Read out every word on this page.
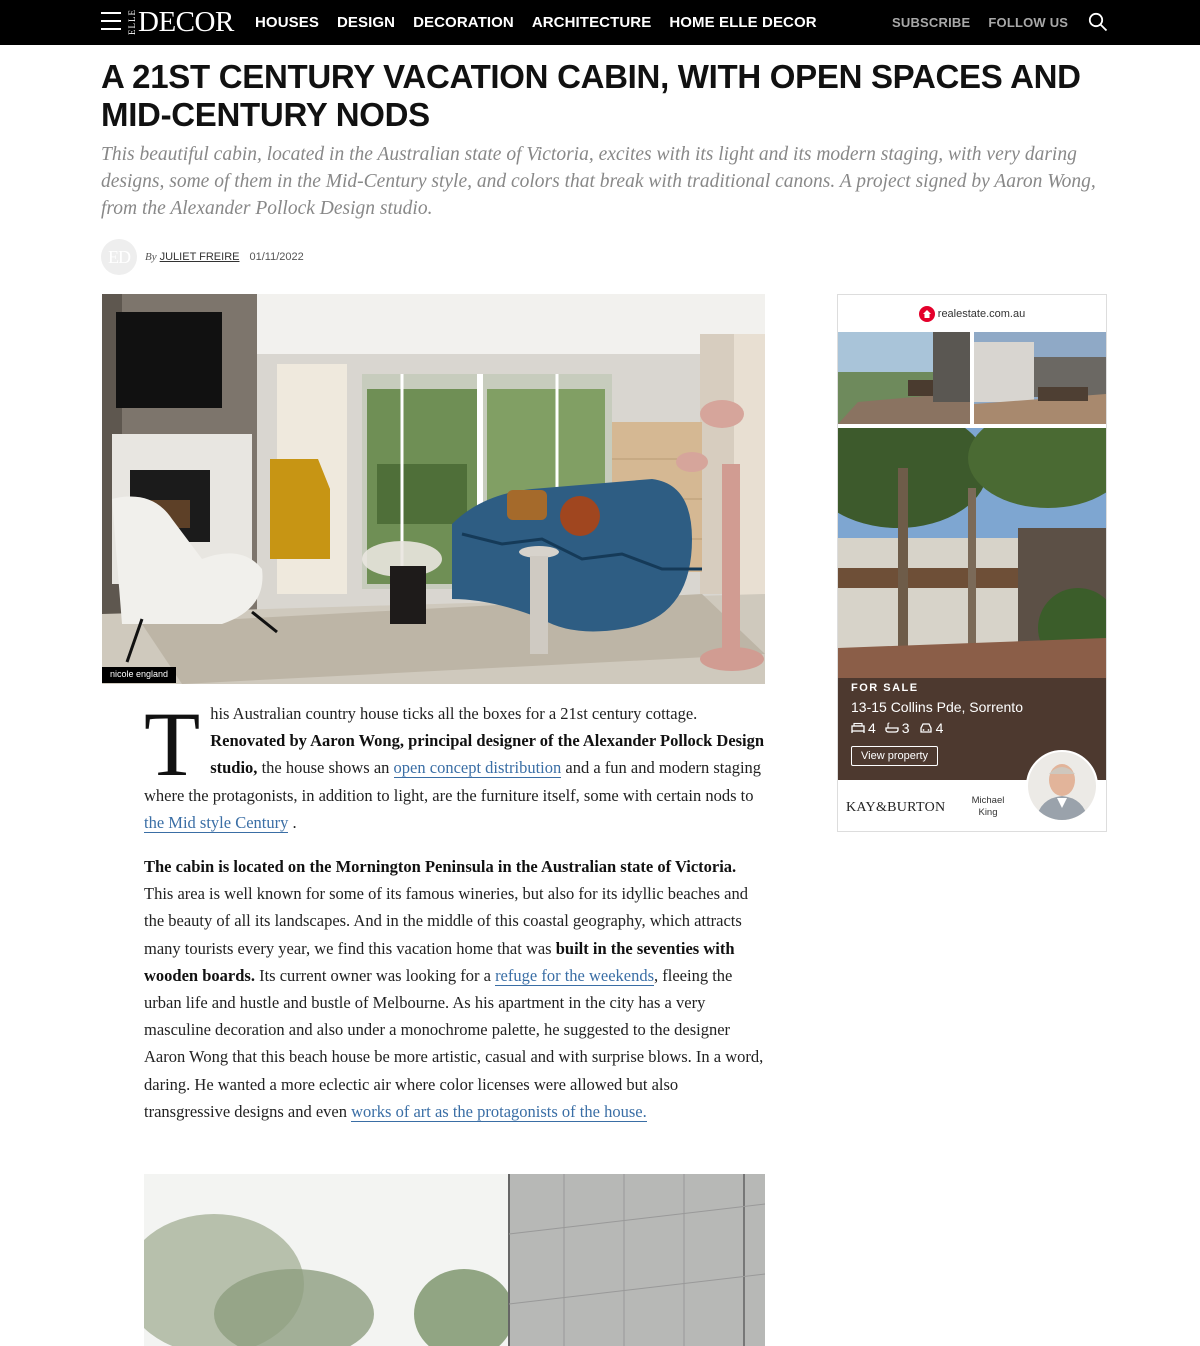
ELLE DECOR HOUSES DESIGN DECORATION ARCHITECTURE HOME ELLE DECOR	SUBSCRIBE FOLLOW US
A 21ST CENTURY VACATION CABIN, WITH OPEN SPACES AND MID-CENTURY NODS

This beautiful cabin, located in the Australian state of Victoria, excites with its light and its modern staging, with very daring designs, some of them in the Mid-Century style, and colors that break with traditional canons. A project signed by Aaron Wong, from the Alexander Pollock Design studio.

ED	By JULIET FREIRE 01/11/2022
nicole england

This Australian country house ticks all the boxes for a 21st century cottage. Renovated by Aaron Wong, principal designer of the Alexander Pollock Design studio, the house shows an open concept distribution and a fun and modern staging where the protagonists, in addition to light, are the furniture itself, some with certain nods to the Mid style Century .

The cabin is located on the Mornington Peninsula in the Australian state of Victoria. This area is well known for some of its famous wineries, but also for its idyllic beaches and the beauty of all its landscapes. And in the middle of this coastal geography, which attracts many tourists every year, we find this vacation home that was built in the seventies with wooden boards. Its current owner was looking for a refuge for the weekends, fleeing the urban life and hustle and bustle of Melbourne. As his apartment in the city has a very masculine decoration and also under a monochrome palette, he suggested to the designer Aaron Wong that this beach house be more artistic, casual and with surprise blows. In a word, daring. He wanted a more eclectic air where color licenses were allowed but also transgressive designs and even works of art as the protagonists of the house.

realestate.com.au
FOR SALE
13-15 Collins Pde, Sorrento
4 3 4
View property
KAY&BURTON	Michael
King
